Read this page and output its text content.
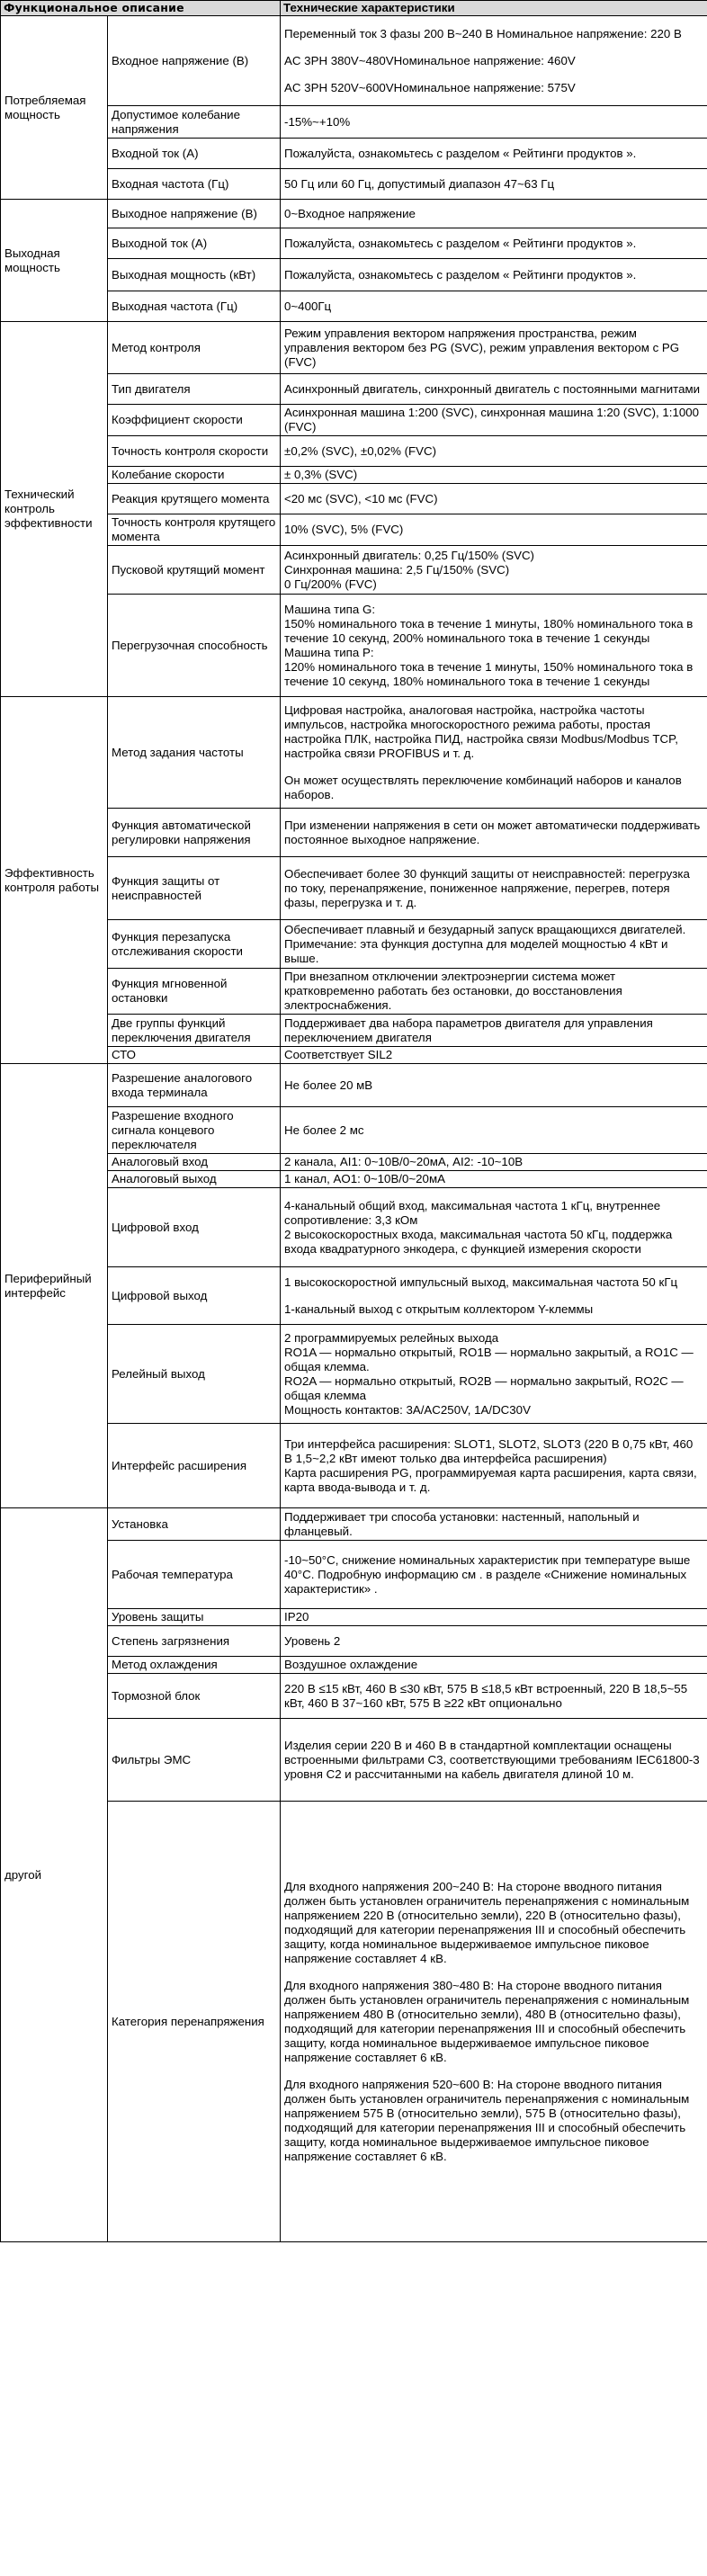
Функциональное описание		Технические характеристики
Потребляемая мощность	Входное напряжение (В)	Переменный ток 3 фазы 200 В~240 В Номинальное напряжение: 220 В
AC 3PH 380V~480VНоминальное напряжение: 460V
AC 3PH 520V~600VНоминальное напряжение: 575V

	Допустимое колебание напряжения	-15%~+10%

	Входной ток (А)	Пожалуйста, ознакомьтесь с разделом « Рейтинги продуктов ».

	Входная частота (Гц)	50 Гц или 60 Гц, допустимый диапазон 47~63 Гц

Выходная мощность	Выходное напряжение (В)	0~Входное напряжение

	Выходной ток (А)	Пожалуйста, ознакомьтесь с разделом « Рейтинги продуктов ».

	Выходная мощность (кВт)	Пожалуйста, ознакомьтесь с разделом « Рейтинги продуктов ».

	Выходная частота (Гц)	0~400Гц

Технический контроль эффективности	Метод контроля	Режим управления вектором напряжения пространства, режим управления вектором без PG (SVC), режим управления вектором с PG (FVC)

	Тип двигателя	Асинхронный двигатель, синхронный двигатель с постоянными магнитами

	Коэффициент скорости	Асинхронная машина 1:200 (SVC), синхронная машина 1:20 (SVC), 1:1000 (FVC)

	Точность контроля скорости	±0,2% (SVC), ±0,02% (FVC)

	Колебание скорости	± 0,3% (SVC)

	Реакция крутящего момента	<20 мс (SVC), <10 мс (FVC)

	Точность контроля крутящего момента	10% (SVC), 5% (FVC)

	Пусковой крутящий момент	Асинхронный двигатель: 0,25 Гц/150% (SVC)
Синхронная машина: 2,5 Гц/150% (SVC)
0 Гц/200% (FVC)

	Перегрузочная способность	Машина типа G:
150% номинального тока в течение 1 минуты, 180% номинального тока в течение 10 секунд, 200% номинального тока в течение 1 секунды
Машина типа P:
120% номинального тока в течение 1 минуты, 150% номинального тока в течение 10 секунд, 180% номинального тока в течение 1 секунды

Эффективность контроля работы	Метод задания частоты	Цифровая настройка, аналоговая настройка, настройка частоты импульсов, настройка многоскоростного режима работы, простая настройка ПЛК, настройка ПИД, настройка связи Modbus/Modbus TCP, настройка связи PROFIBUS и т. д.
Он может осуществлять переключение комбинаций наборов и каналов наборов.

	Функция автоматической регулировки напряжения	При изменении напряжения в сети он может автоматически поддерживать постоянное выходное напряжение.

	Функция защиты от неисправностей	Обеспечивает более 30 функций защиты от неисправностей: перегрузка по току, перенапряжение, пониженное напряжение, перегрев, потеря фазы, перегрузка и т. д.

	Функция перезапуска отслеживания скорости	Обеспечивает плавный и безударный запуск вращающихся двигателей.
Примечание: эта функция доступна для моделей мощностью 4 кВт и выше.

	Функция мгновенной остановки	При внезапном отключении электроэнергии система может кратковременно работать без остановки, до восстановления электроснабжения.

	Две группы функций переключения двигателя	Поддерживает два набора параметров двигателя для управления переключением двигателя

	СТО	Соответствует SIL2

Периферийный интерфейс	Разрешение аналогового входа терминала	Не более 20 мВ

	Разрешение входного сигнала концевого переключателя	Не более 2 мс

	Аналоговый вход	2 канала, AI1: 0~10В/0~20мА, AI2: -10~10В

	Аналоговый выход	1 канал, AO1: 0~10В/0~20мА

	Цифровой вход	4-канальный общий вход, максимальная частота 1 кГц, внутреннее сопротивление: 3,3 кОм
2 высокоскоростных входа, максимальная частота 50 кГц, поддержка входа квадратурного энкодера, с функцией измерения скорости

	Цифровой выход	1 высокоскоростной импульсный выход, максимальная частота 50 кГц
1-канальный выход с открытым коллектором Y-клеммы

	Релейный выход	2 программируемых релейных выхода
RO1A — нормально открытый, RO1B — нормально закрытый, a RO1C — общая клемма.
RO2A — нормально открытый, RO2B — нормально закрытый, RO2C — общая клемма
Мощность контактов: 3А/AC250V, 1А/DC30V

	Интерфейс расширения	Три интерфейса расширения: SLOT1, SLOT2, SLOT3 (220 В 0,75 кВт, 460 В 1,5~2,2 кВт имеют только два интерфейса расширения)
Карта расширения PG, программируемая карта расширения, карта связи, карта ввода-вывода и т. д.

другой	Установка	Поддерживает три способа установки: настенный, напольный и фланцевый.

	Рабочая температура	-10~50°C, снижение номинальных характеристик при температуре выше 40°C. Подробную информацию см . в разделе «Снижение номинальных характеристик» .

	Уровень защиты	IP20

	Степень загрязнения	Уровень 2

	Метод охлаждения	Воздушное охлаждение

	Тормозной блок	220 В ≤15 кВт, 460 В ≤30 кВт, 575 В ≤18,5 кВт встроенный, 220 В 18,5~55 кВт, 460 В 37~160 кВт, 575 В ≥22 кВт опционально

	Фильтры ЭМС	Изделия серии 220 В и 460 В в стандартной комплектации оснащены встроенными фильтрами C3, соответствующими требованиям IEC61800-3 уровня C2 и рассчитанными на кабель двигателя длиной 10 м.

	Категория перенапряжения	Для входного напряжения 200~240 В: На стороне вводного питания должен быть установлен ограничитель перенапряжения с номинальным напряжением 220 В (относительно земли), 220 В (относительно фазы), подходящий для категории перенапряжения III и способный обеспечить защиту, когда номинальное выдерживаемое импульсное пиковое напряжение составляет 4 кВ.
Для входного напряжения 380~480 В: На стороне вводного питания должен быть установлен ограничитель перенапряжения с номинальным напряжением 480 В (относительно земли), 480 В (относительно фазы), подходящий для категории перенапряжения III и способный обеспечить защиту, когда номинальное выдерживаемое импульсное пиковое напряжение составляет 6 кВ.
Для входного напряжения 520~600 В: На стороне вводного питания должен быть установлен ограничитель перенапряжения с номинальным напряжением 575 В (относительно земли), 575 В (относительно фазы), подходящий для категории перенапряжения III и способный обеспечить защиту, когда номинальное выдерживаемое импульсное пиковое напряжение составляет 6 кВ.
